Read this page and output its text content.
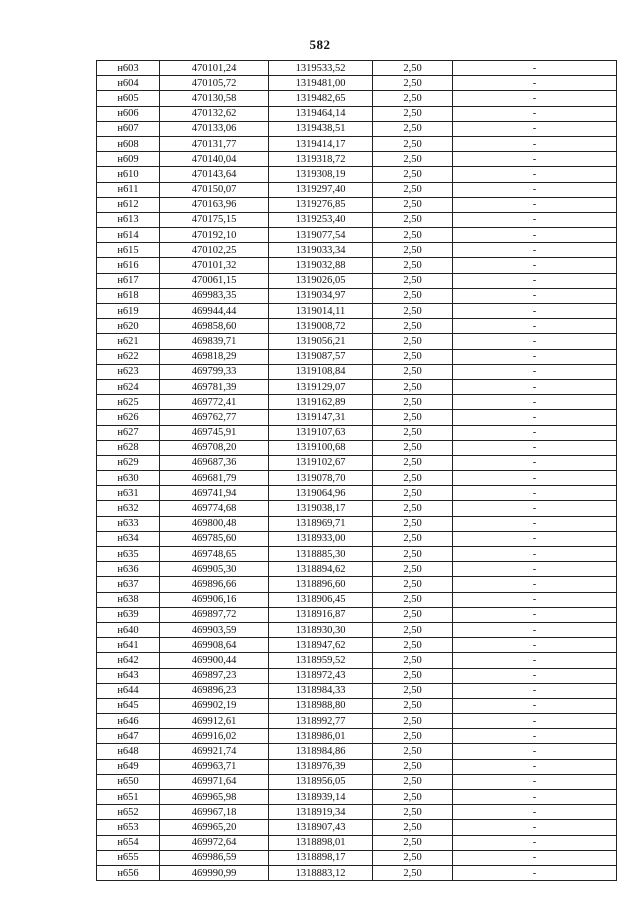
582
н603	470101,24	1319533,52	2,50	-
н604	470105,72	1319481,00	2,50	-
н605	470130,58	1319482,65	2,50	-
н606	470132,62	1319464,14	2,50	-
н607	470133,06	1319438,51	2,50	-
н608	470131,77	1319414,17	2,50	-
н609	470140,04	1319318,72	2,50	-
н610	470143,64	1319308,19	2,50	-
н611	470150,07	1319297,40	2,50	-
н612	470163,96	1319276,85	2,50	-
н613	470175,15	1319253,40	2,50	-
н614	470192,10	1319077,54	2,50	-
н615	470102,25	1319033,34	2,50	-
н616	470101,32	1319032,88	2,50	-
н617	470061,15	1319026,05	2,50	-
н618	469983,35	1319034,97	2,50	-
н619	469944,44	1319014,11	2,50	-
н620	469858,60	1319008,72	2,50	-
н621	469839,71	1319056,21	2,50	-
н622	469818,29	1319087,57	2,50	-
н623	469799,33	1319108,84	2,50	-
н624	469781,39	1319129,07	2,50	-
н625	469772,41	1319162,89	2,50	-
н626	469762,77	1319147,31	2,50	-
н627	469745,91	1319107,63	2,50	-
н628	469708,20	1319100,68	2,50	-
н629	469687,36	1319102,67	2,50	-
н630	469681,79	1319078,70	2,50	-
н631	469741,94	1319064,96	2,50	-
н632	469774,68	1319038,17	2,50	-
н633	469800,48	1318969,71	2,50	-
н634	469785,60	1318933,00	2,50	-
н635	469748,65	1318885,30	2,50	-
н636	469905,30	1318894,62	2,50	-
н637	469896,66	1318896,60	2,50	-
н638	469906,16	1318906,45	2,50	-
н639	469897,72	1318916,87	2,50	-
н640	469903,59	1318930,30	2,50	-
н641	469908,64	1318947,62	2,50	-
н642	469900,44	1318959,52	2,50	-
н643	469897,23	1318972,43	2,50	-
н644	469896,23	1318984,33	2,50	-
н645	469902,19	1318988,80	2,50	-
н646	469912,61	1318992,77	2,50	-
н647	469916,02	1318986,01	2,50	-
н648	469921,74	1318984,86	2,50	-
н649	469963,71	1318976,39	2,50	-
н650	469971,64	1318956,05	2,50	-
н651	469965,98	1318939,14	2,50	-
н652	469967,18	1318919,34	2,50	-
н653	469965,20	1318907,43	2,50	-
н654	469972,64	1318898,01	2,50	-
н655	469986,59	1318898,17	2,50	-
н656	469990,99	1318883,12	2,50	-
